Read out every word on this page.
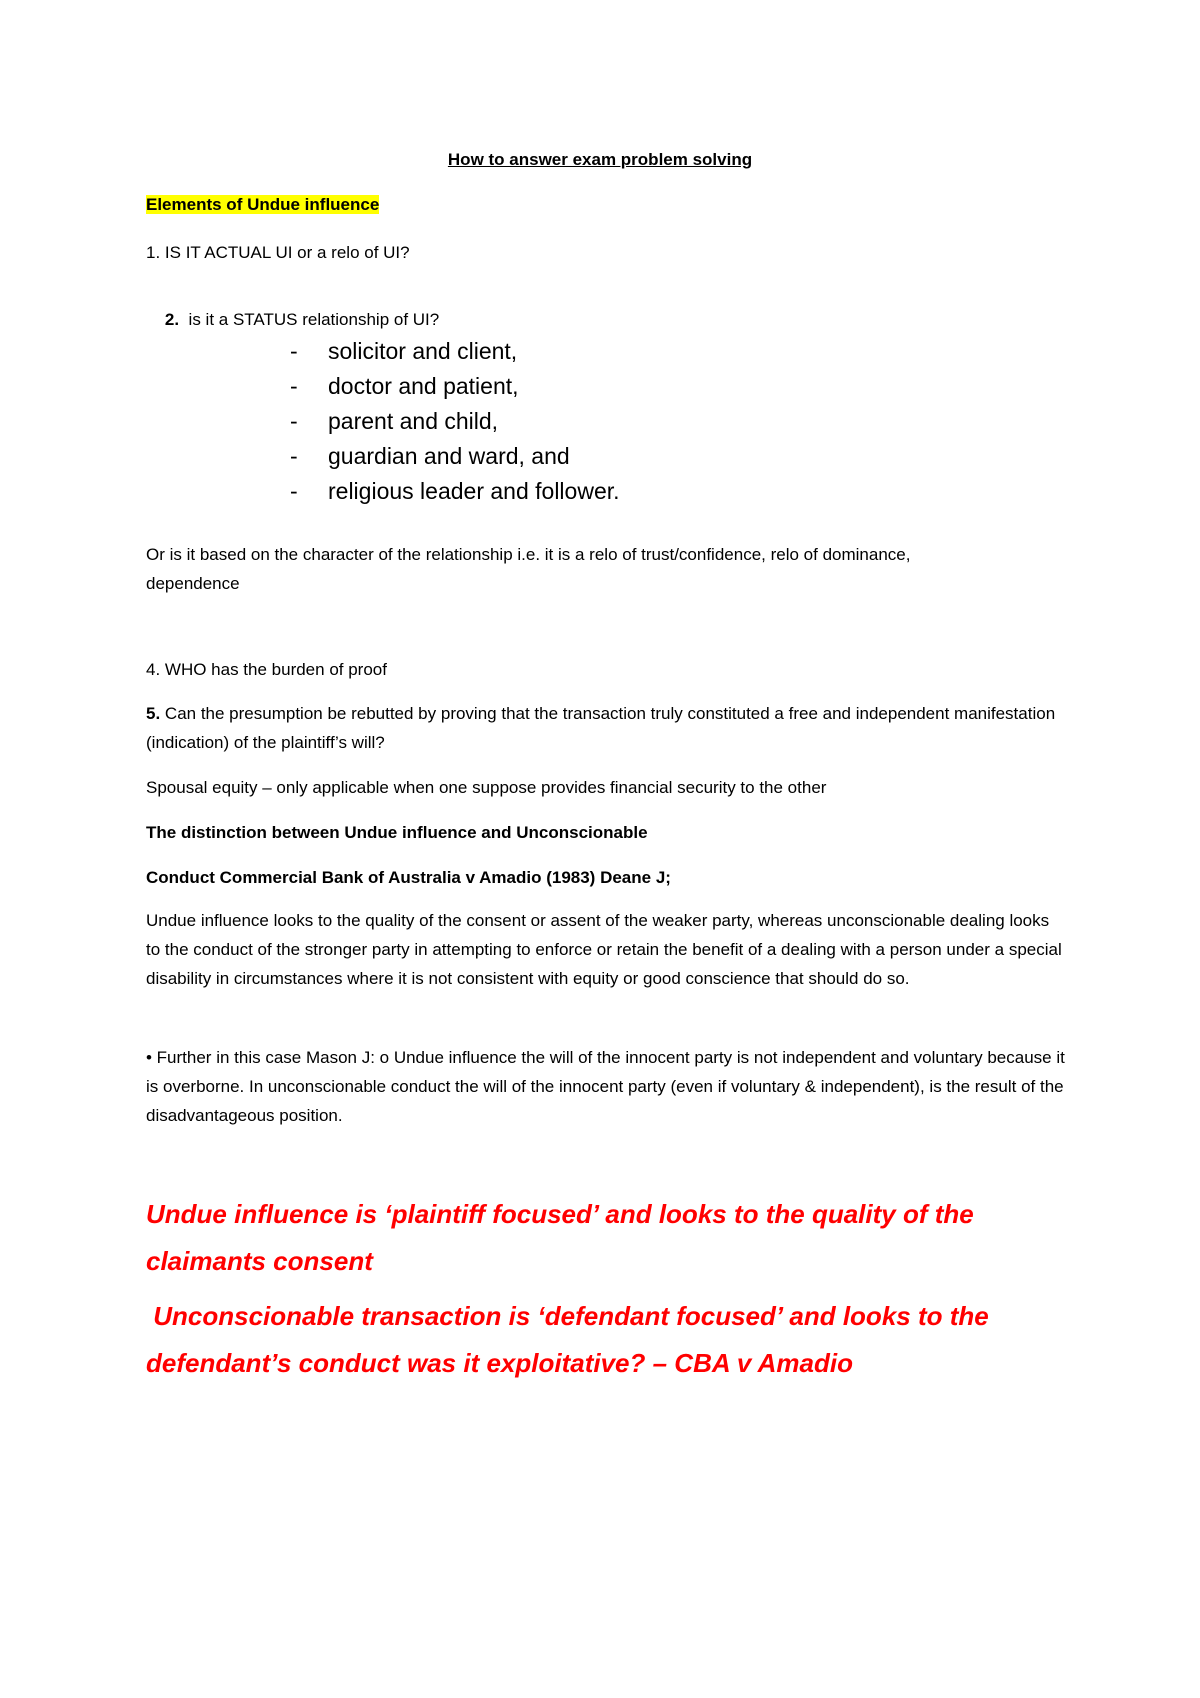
How to answer exam problem solving
Elements of Undue influence
1. IS IT ACTUAL UI or a relo of UI?

2.  is it a STATUS relationship of UI?

- solicitor and client,
- doctor and patient,
- parent and child,
- guardian and ward, and
- religious leader and follower.
Or is it based on the character of the relationship i.e. it is a relo of trust/confidence, relo of dominance, dependence
4. WHO has the burden of proof
5. Can the presumption be rebutted by proving that the transaction truly constituted a free and independent manifestation (indication) of the plaintiff’s will?
Spousal equity – only applicable when one suppose provides financial security to the other
The distinction between Undue influence and Unconscionable
Conduct Commercial Bank of Australia v Amadio (1983) Deane J;
Undue influence looks to the quality of the consent or assent of the weaker party, whereas unconscionable dealing looks to the conduct of the stronger party in attempting to enforce or retain the benefit of a dealing with a person under a special disability in circumstances where it is not consistent with equity or good conscience that should do so.
• Further in this case Mason J: o Undue influence the will of the innocent party is not independent and voluntary because it is overborne. In unconscionable conduct the will of the innocent party (even if voluntary & independent), is the result of the disadvantageous position.
Undue influence is ‘plaintiff focused’ and looks to the quality of the claimants consent
Unconscionable transaction is ‘defendant focused’ and looks to the defendant’s conduct was it exploitative? – CBA v Amadio
